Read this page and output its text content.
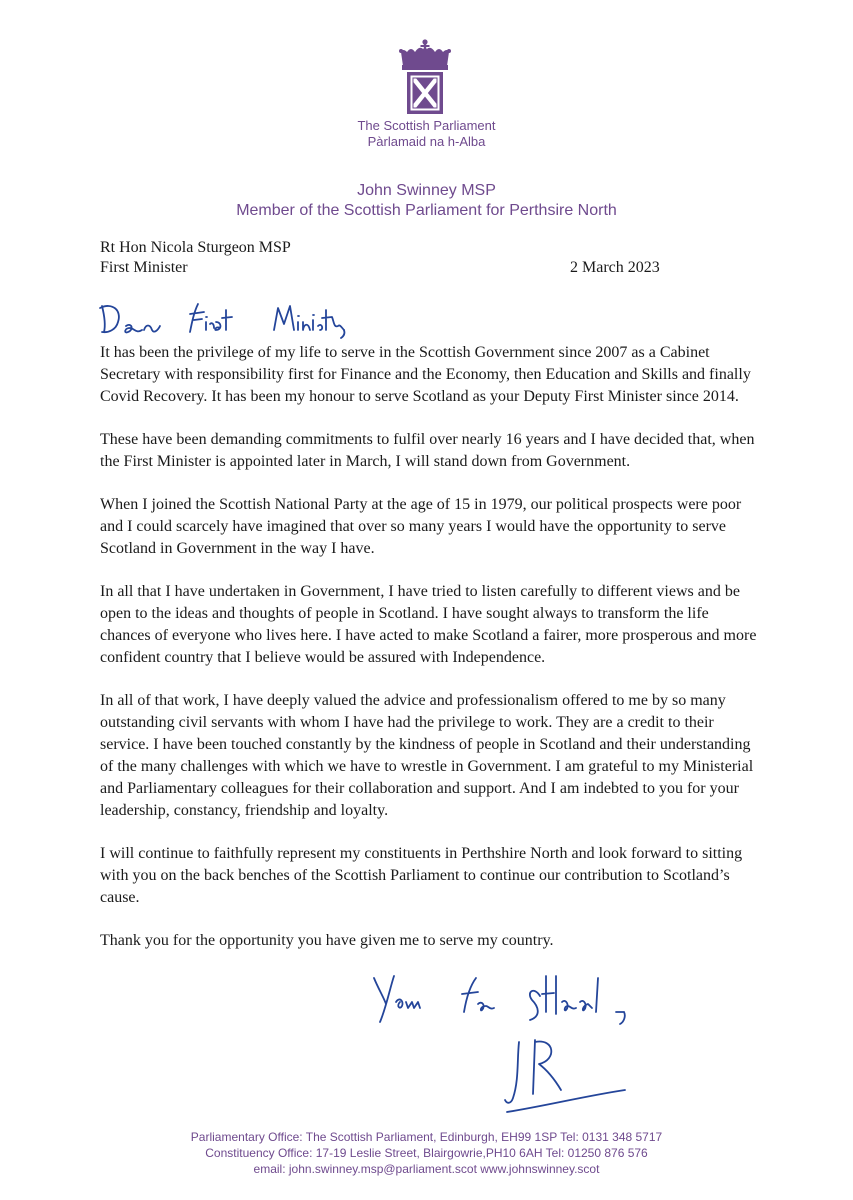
The Scottish Parliament
Pàrlamaid na h-Alba
John Swinney MSP
Member of the Scottish Parliament for Perthsire North
Rt Hon Nicola Sturgeon MSP
First Minister	2 March 2023

It has been the privilege of my life to serve in the Scottish Government since 2007 as a Cabinet Secretary with responsibility first for Finance and the Economy, then Education and Skills and finally Covid Recovery. It has been my honour to serve Scotland as your Deputy First Minister since 2014.

These have been demanding commitments to fulfil over nearly 16 years and I have decided that, when the First Minister is appointed later in March, I will stand down from Government.

When I joined the Scottish National Party at the age of 15 in 1979, our political prospects were poor and I could scarcely have imagined that over so many years I would have the opportunity to serve Scotland in Government in the way I have.

In all that I have undertaken in Government, I have tried to listen carefully to different views and be open to the ideas and thoughts of people in Scotland. I have sought always to transform the life chances of everyone who lives here. I have acted to make Scotland a fairer, more prosperous and more confident country that I believe would be assured with Independence.

In all of that work, I have deeply valued the advice and professionalism offered to me by so many outstanding civil servants with whom I have had the privilege to work. They are a credit to their service. I have been touched constantly by the kindness of people in Scotland and their understanding of the many challenges with which we have to wrestle in Government. I am grateful to my Ministerial and Parliamentary colleagues for their collaboration and support. And I am indebted to you for your leadership, constancy, friendship and loyalty.

I will continue to faithfully represent my constituents in Perthshire North and look forward to sitting with you on the back benches of the Scottish Parliament to continue our contribution to Scotland’s cause.

Thank you for the opportunity you have given me to serve my country.

Parliamentary Office: The Scottish Parliament, Edinburgh, EH99 1SP Tel: 0131 348 5717
Constituency Office: 17-19 Leslie Street, Blairgowrie,PH10 6AH Tel: 01250 876 576
email: john.swinney.msp@parliament.scot www.johnswinney.scot
